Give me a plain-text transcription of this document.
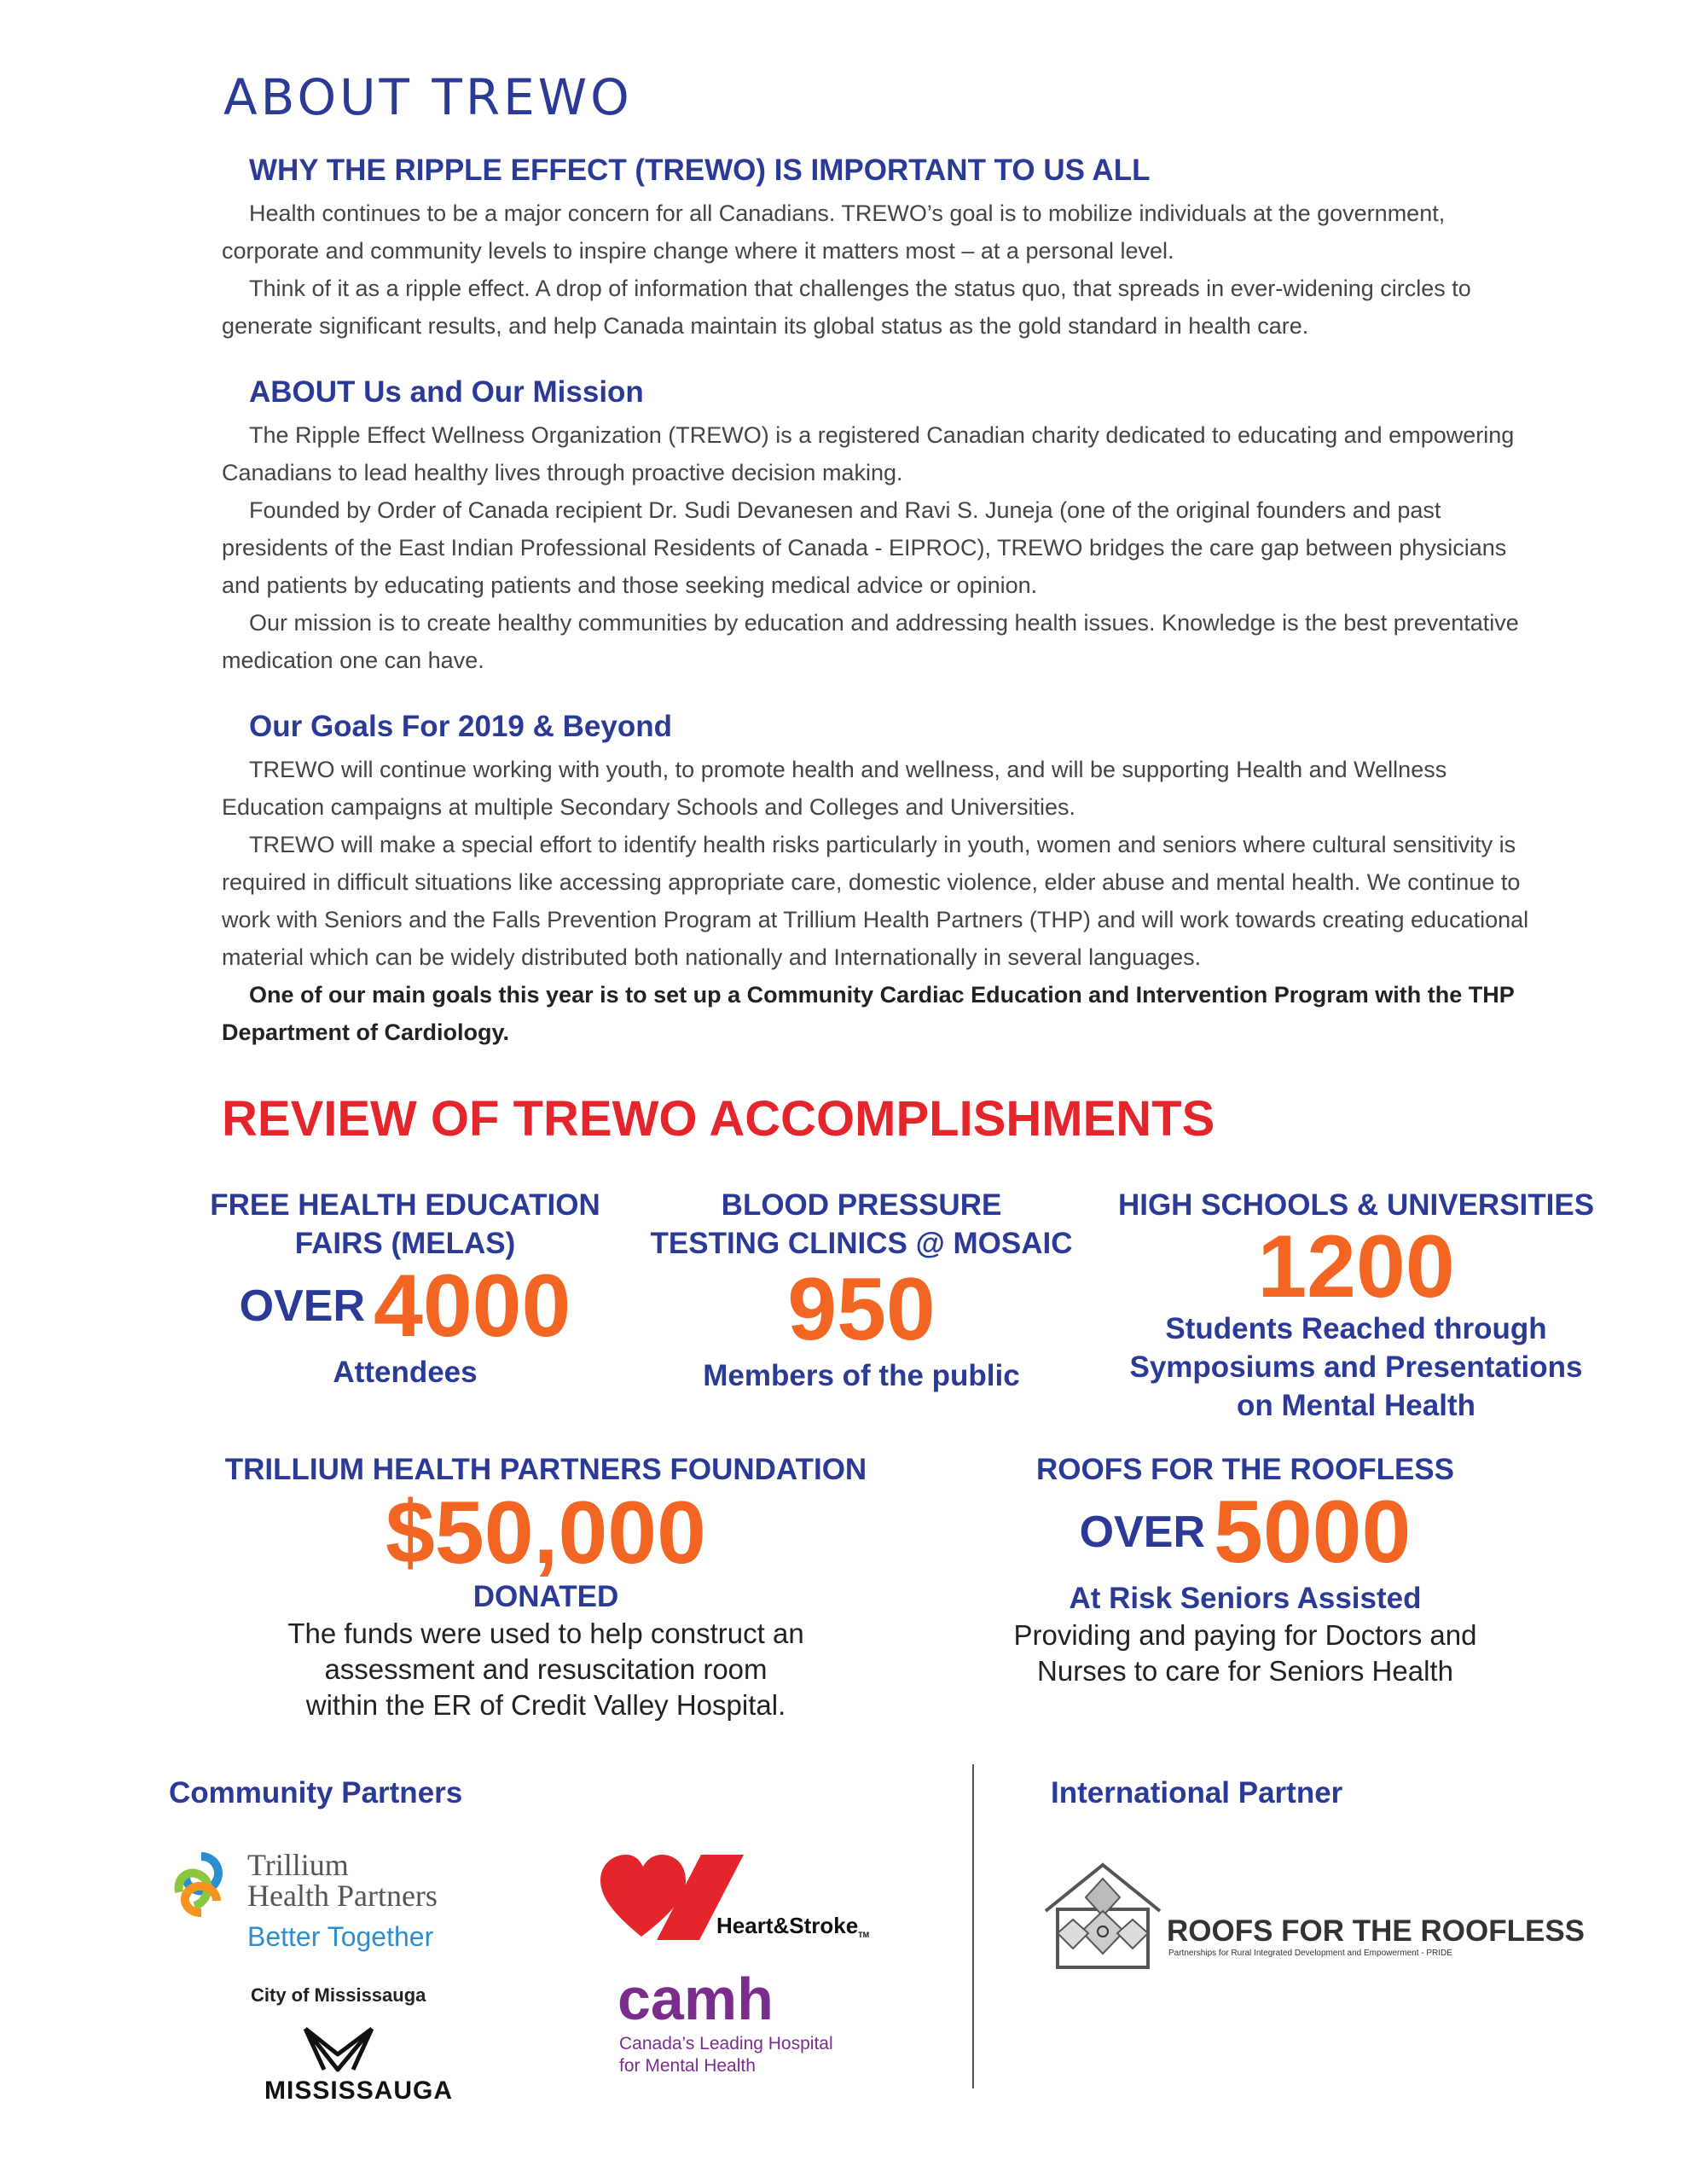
ABOUT TREWO
WHY THE RIPPLE EFFECT (TREWO) IS IMPORTANT TO US ALL

Health continues to be a major concern for all Canadians. TREWO’s goal is to mobilize individuals at the government, corporate and community levels to inspire change where it matters most – at a personal level.

Think of it as a ripple effect. A drop of information that challenges the status quo, that spreads in ever-widening circles to generate significant results, and help Canada maintain its global status as the gold standard in health care.

ABOUT Us and Our Mission

The Ripple Effect Wellness Organization (TREWO) is a registered Canadian charity dedicated to educating and empowering Canadians to lead healthy lives through proactive decision making.

Founded by Order of Canada recipient Dr. Sudi Devanesen and Ravi S. Juneja (one of the original founders and past presidents of the East Indian Professional Residents of Canada - EIPROC), TREWO bridges the care gap between physicians and patients by educating patients and those seeking medical advice or opinion.

Our mission is to create healthy communities by education and addressing health issues. Knowledge is the best preventative medication one can have.

Our Goals For 2019 & Beyond

TREWO will continue working with youth, to promote health and wellness, and will be supporting Health and Wellness Education campaigns at multiple Secondary Schools and Colleges and Universities.

TREWO will make a special effort to identify health risks particularly in youth, women and seniors where cultural sensitivity is required in difficult situations like accessing appropriate care, domestic violence, elder abuse and mental health. We continue to work with Seniors and the Falls Prevention Program at Trillium Health Partners (THP) and will work towards creating educational material which can be widely distributed both nationally and Internationally in several languages.

One of our main goals this year is to set up a Community Cardiac Education and Intervention Program with the THP Department of Cardiology.

REVIEW OF TREWO ACCOMPLISHMENTS
FREE HEALTH EDUCATION
FAIRS (MELAS)
OVER4000
Attendees
BLOOD PRESSURE
TESTING CLINICS @ MOSAIC
950
Members of the public
HIGH SCHOOLS & UNIVERSITIES
1200
Students Reached through
Symposiums and Presentations
on Mental Health
TRILLIUM HEALTH PARTNERS FOUNDATION
$50,000
DONATED
The funds were used to help construct an
assessment and resuscitation room
within the ER of Credit Valley Hospital.
ROOFS FOR THE ROOFLESS
OVER5000
At Risk Seniors Assisted
Providing and paying for Doctors and
Nurses to care for Seniors Health
Community Partners	International Partner
Trillium
Health Partners
Better Together	Heart&StrokeTM
City of Mississauga
MISSISSAUGA
camh
Canada’s Leading Hospital
for Mental Health
ROOFS FOR THE ROOFLESS
Partnerships for Rural Integrated Development and Empowerment - PRIDE
